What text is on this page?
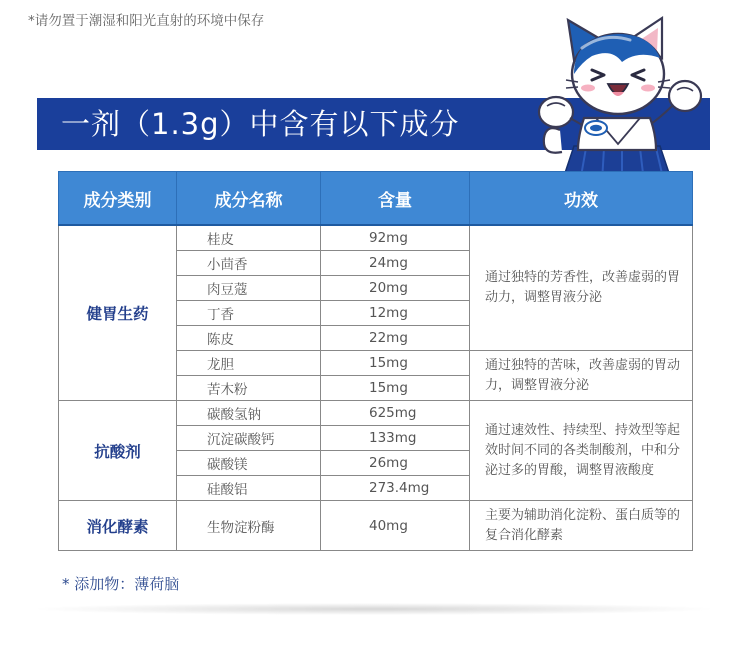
*请勿置于潮湿和阳光直射的环境中保存
一剂（1.3g）中含有以下成分
成分类别	成分名称	含量	功效
健胃生药	桂皮	92mg	通过独特的芳香性，改善虚弱的胃动力，调整胃液分泌
	小茴香	24mg	
	肉豆蔻	20mg	
	丁香	12mg	
	陈皮	22mg	
	龙胆	15mg	通过独特的苦味，改善虚弱的胃动力，调整胃液分泌
	苦木粉	15mg	
抗酸剂	碳酸氢钠	625mg	通过速效性、持续型、持效型等起效时间不同的各类制酸剂，中和分泌过多的胃酸，调整胃液酸度
	沉淀碳酸钙	133mg	
	碳酸镁	26mg	
	硅酸铝	273.4mg	
消化酵素	生物淀粉酶	40mg	主要为辅助消化淀粉、蛋白质等的复合消化酵素
* 添加物：薄荷脑
